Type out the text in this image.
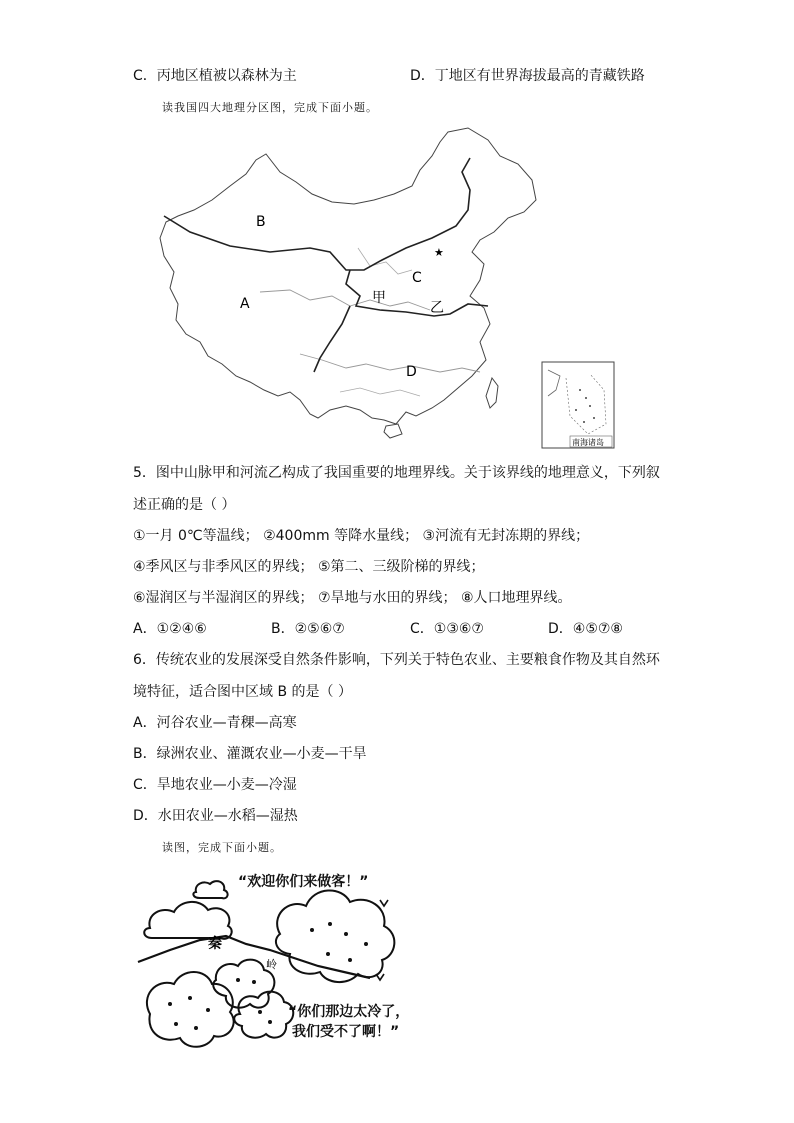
C．丙地区植被以森林为主	D．丁地区有世界海拔最高的青藏铁路
读我国四大地理分区图，完成下面小题。
B
A
C
D
甲
乙
★
南海诸岛
5．图中山脉甲和河流乙构成了我国重要的地理界线。关于该界线的地理意义，下列叙
述正确的是（ ）
①一月 0℃等温线； ②400mm 等降水量线； ③河流有无封冻期的界线；
④季风区与非季风区的界线； ⑤第二、三级阶梯的界线；
⑥湿润区与半湿润区的界线； ⑦旱地与水田的界线； ⑧人口地理界线。
A．①②④⑥	B．②⑤⑥⑦	C．①③⑥⑦	D．④⑤⑦⑧
6．传统农业的发展深受自然条件影响，下列关于特色农业、主要粮食作物及其自然环
境特征，适合图中区域 B 的是（ ）
A．河谷农业—青稞—高寒
B．绿洲农业、灌溉农业—小麦—干旱
C．旱地农业—小麦—冷湿
D．水田农业—水稻—湿热
读图，完成下面小题。
秦
岭
“欢迎你们来做客！”
“你们那边太冷了，
我们受不了啊！”
